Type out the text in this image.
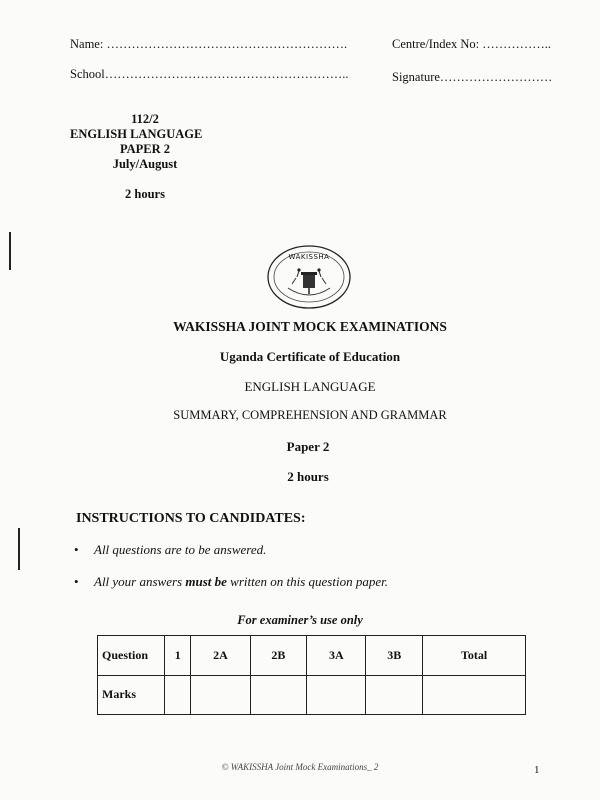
Name: ………………………………………………….	Centre/Index No: ……………..
School…………………………………………………..	Signature………………………
112/2
ENGLISH LANGUAGE
PAPER 2
July/August
2 hours
WAKISSHA
WAKISSHA JOINT MOCK EXAMINATIONS
Uganda Certificate of Education
ENGLISH LANGUAGE
SUMMARY, COMPREHENSION AND GRAMMAR
Paper 2
2 hours
INSTRUCTIONS TO CANDIDATES:
• All questions are to be answered.
• All your answers must be written on this question paper.
For examiner’s use only
Question	1	2A	2B	3A	3B	Total
Marks						
© WAKISSHA Joint Mock Examinations_ 2	1
